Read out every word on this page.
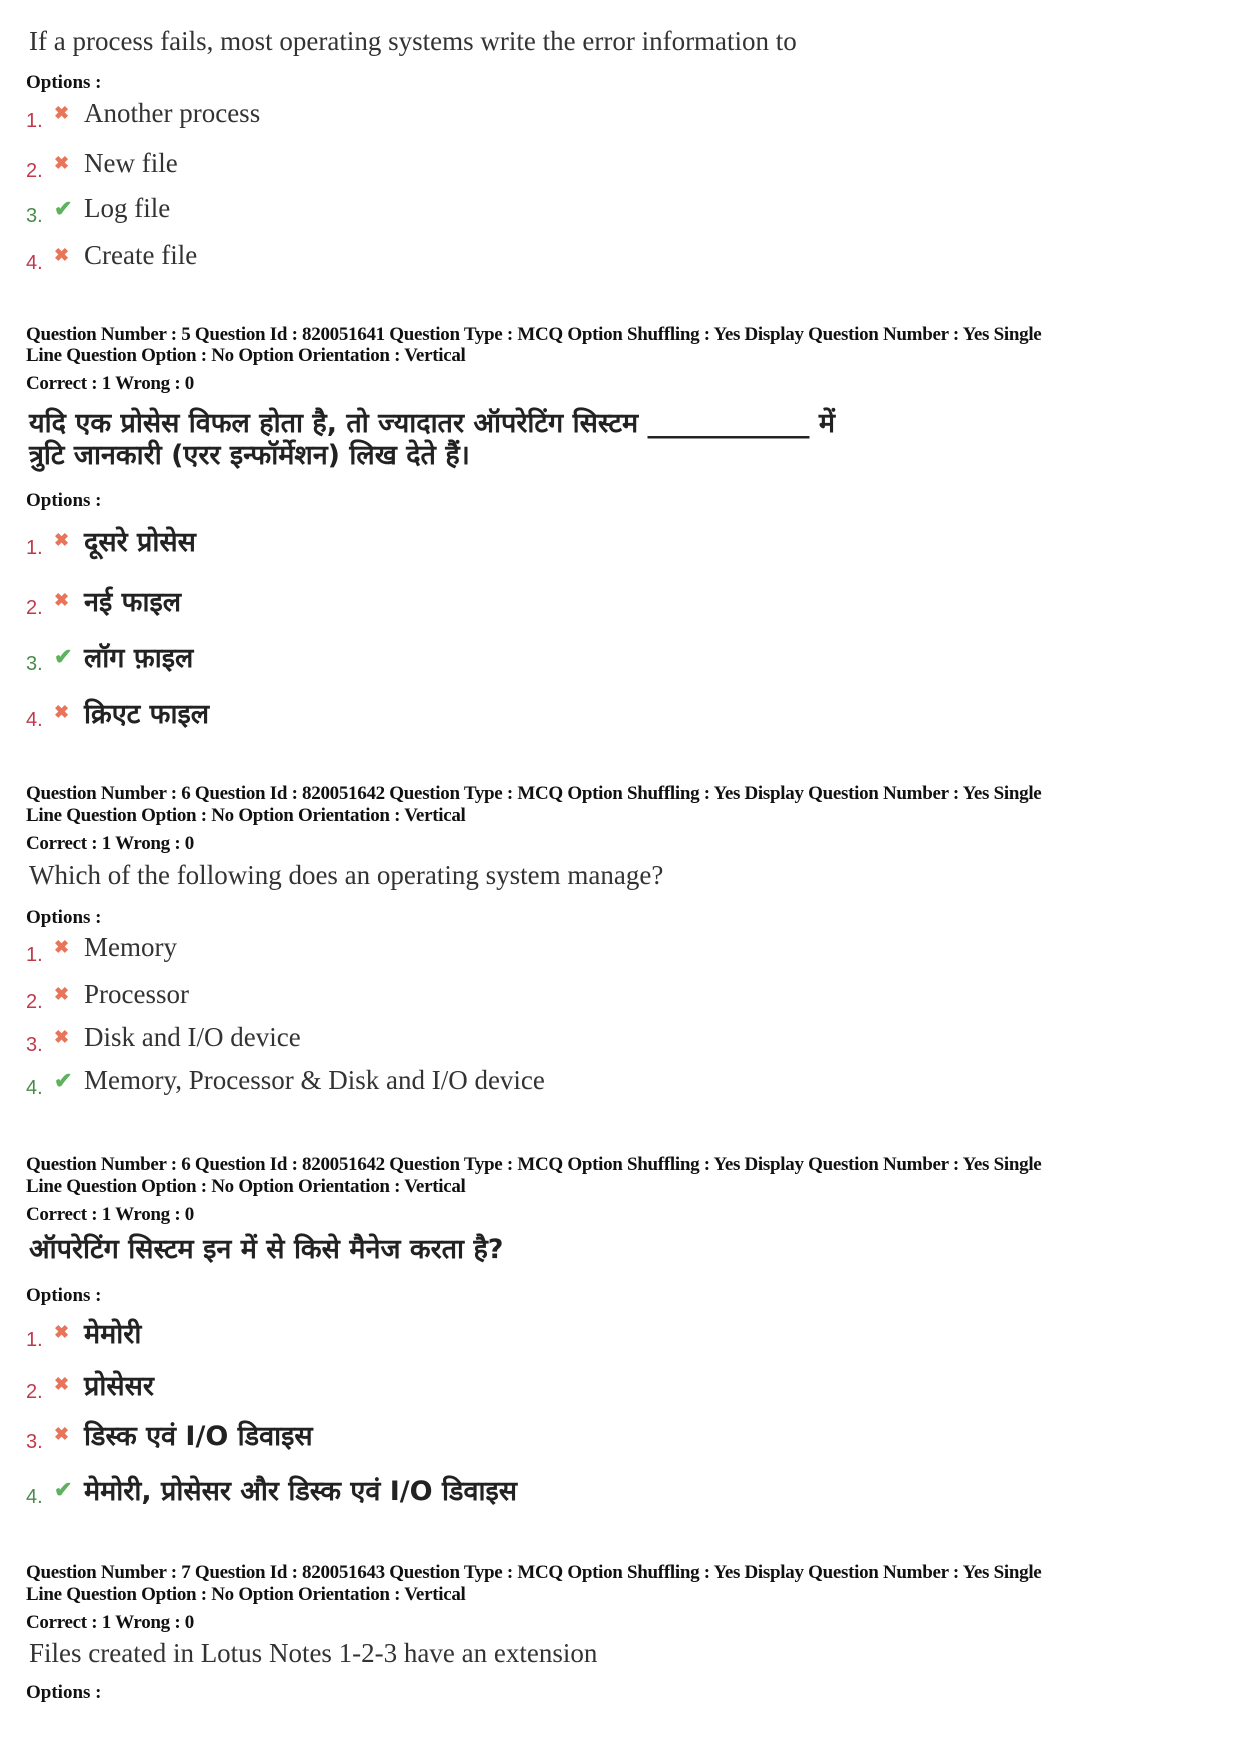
If a process fails, most operating systems write the error information to
Options :
1. ✖ Another process
2. ✖ New file
3. ✔ Log file
4. ✖ Create file
Question Number : 5 Question Id : 820051641 Question Type : MCQ Option Shuffling : Yes Display Question Number : Yes Single
Line Question Option : No Option Orientation : Vertical
Correct : 1 Wrong : 0
यदि एक प्रोसेस विफल होता है, तो ज्यादातर ऑपरेटिंग सिस्टम ____________ में
त्रुटि जानकारी (एरर इन्फॉर्मेशन) लिख देते हैं।
Options :
1. ✖ दूसरे प्रोसेस
2. ✖ नई फाइल
3. ✔ लॉग फ़ाइल
4. ✖ क्रिएट फाइल
Question Number : 6 Question Id : 820051642 Question Type : MCQ Option Shuffling : Yes Display Question Number : Yes Single
Line Question Option : No Option Orientation : Vertical
Correct : 1 Wrong : 0
Which of the following does an operating system manage?
Options :
1. ✖ Memory
2. ✖ Processor
3. ✖ Disk and I/O device
4. ✔ Memory, Processor & Disk and I/O device
Question Number : 6 Question Id : 820051642 Question Type : MCQ Option Shuffling : Yes Display Question Number : Yes Single
Line Question Option : No Option Orientation : Vertical
Correct : 1 Wrong : 0
ऑपरेटिंग सिस्टम इन में से किसे मैनेज करता है?
Options :
1. ✖ मेमोरी
2. ✖ प्रोसेसर
3. ✖ डिस्क एवं I/O डिवाइस
4. ✔ मेमोरी, प्रोसेसर और डिस्क एवं I/O डिवाइस
Question Number : 7 Question Id : 820051643 Question Type : MCQ Option Shuffling : Yes Display Question Number : Yes Single
Line Question Option : No Option Orientation : Vertical
Correct : 1 Wrong : 0
Files created in Lotus Notes 1-2-3 have an extension
Options :
